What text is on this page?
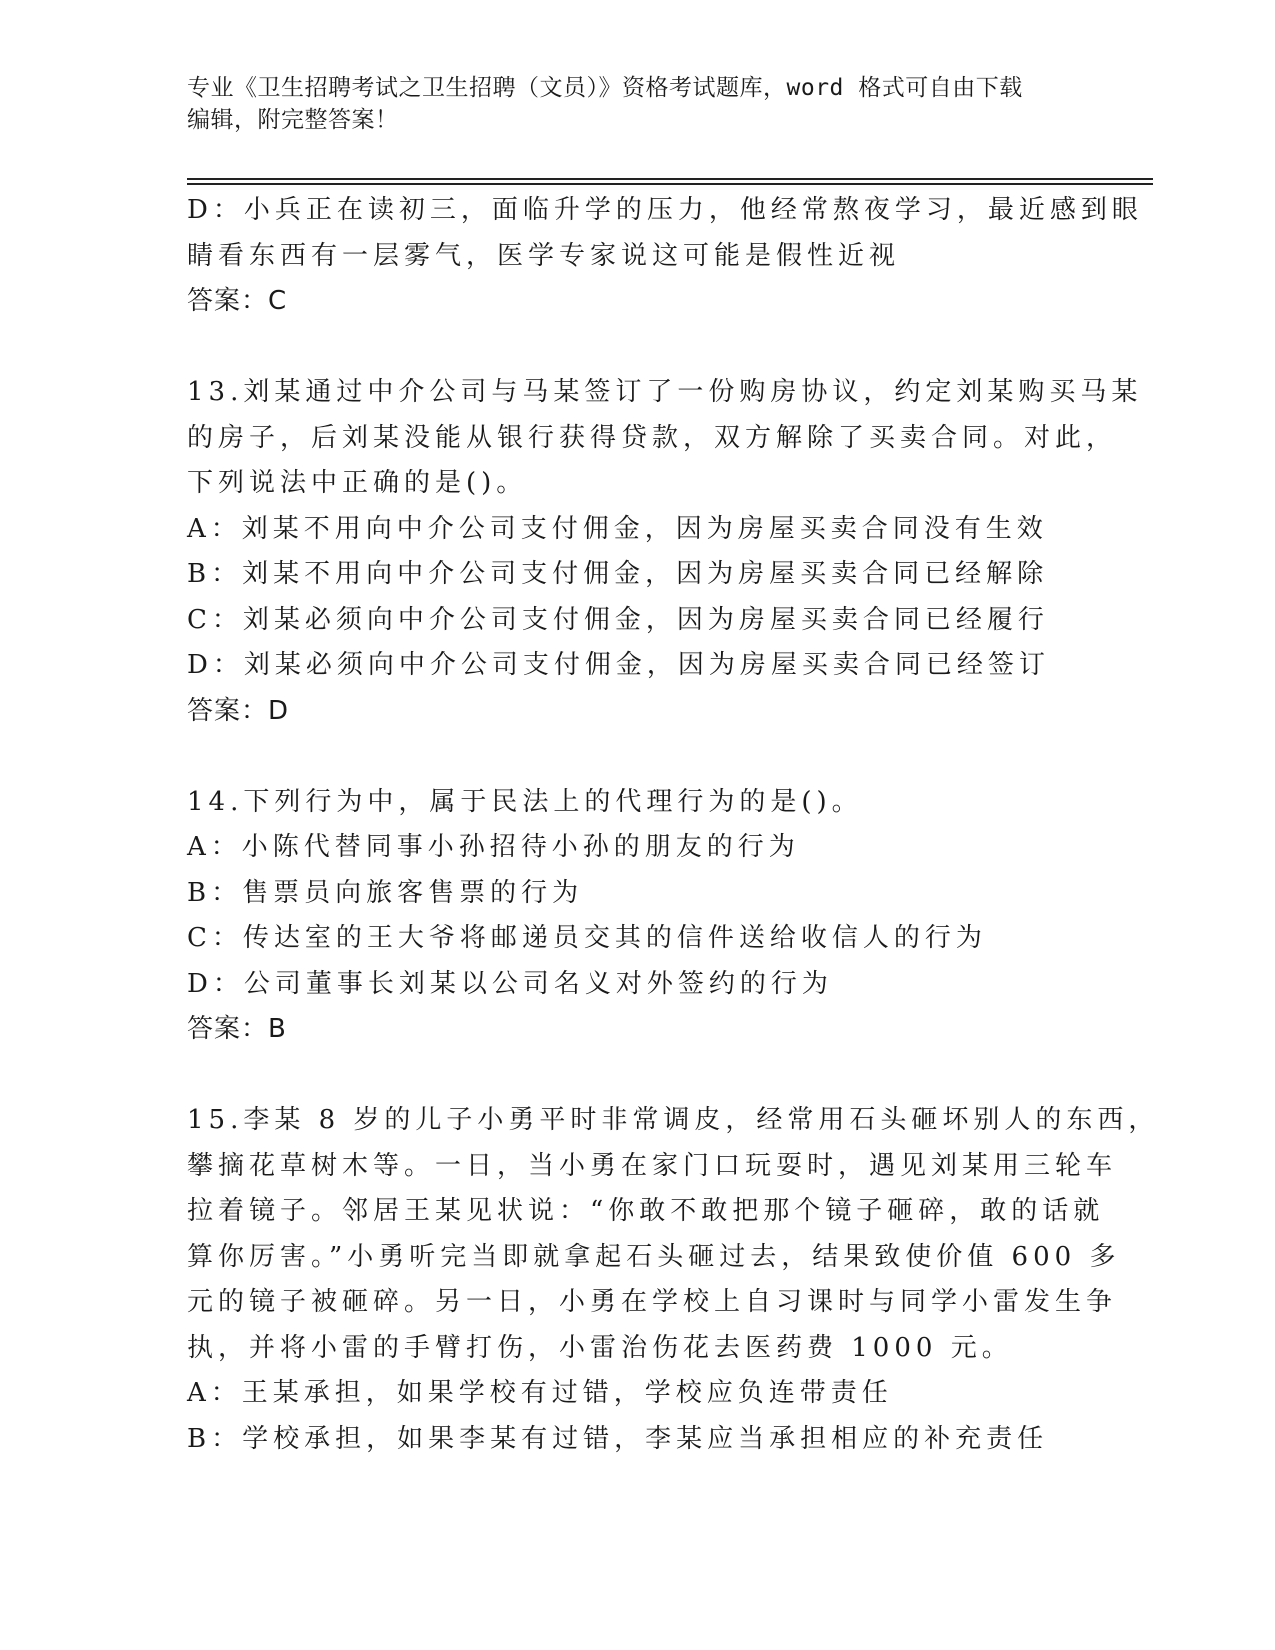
专业《卫生招聘考试之卫生招聘（文员）》资格考试题库，word 格式可自由下载
编辑，附完整答案！
D：小兵正在读初三，面临升学的压力，他经常熬夜学习，最近感到眼
睛看东西有一层雾气，医学专家说这可能是假性近视
答案：C
13.刘某通过中介公司与马某签订了一份购房协议，约定刘某购买马某
的房子，后刘某没能从银行获得贷款，双方解除了买卖合同。对此，
下列说法中正确的是()。
A：刘某不用向中介公司支付佣金，因为房屋买卖合同没有生效
B：刘某不用向中介公司支付佣金，因为房屋买卖合同已经解除
C：刘某必须向中介公司支付佣金，因为房屋买卖合同已经履行
D：刘某必须向中介公司支付佣金，因为房屋买卖合同已经签订
答案：D
14.下列行为中，属于民法上的代理行为的是()。
A：小陈代替同事小孙招待小孙的朋友的行为
B：售票员向旅客售票的行为
C：传达室的王大爷将邮递员交其的信件送给收信人的行为
D：公司董事长刘某以公司名义对外签约的行为
答案：B
15.李某 8 岁的儿子小勇平时非常调皮，经常用石头砸坏别人的东西，
攀摘花草树木等。一日，当小勇在家门口玩耍时，遇见刘某用三轮车
拉着镜子。邻居王某见状说：“你敢不敢把那个镜子砸碎，敢的话就
算你厉害。”小勇听完当即就拿起石头砸过去，结果致使价值 600 多
元的镜子被砸碎。另一日，小勇在学校上自习课时与同学小雷发生争
执，并将小雷的手臂打伤，小雷治伤花去医药费 1000 元。
A：王某承担，如果学校有过错，学校应负连带责任
B：学校承担，如果李某有过错，李某应当承担相应的补充责任
